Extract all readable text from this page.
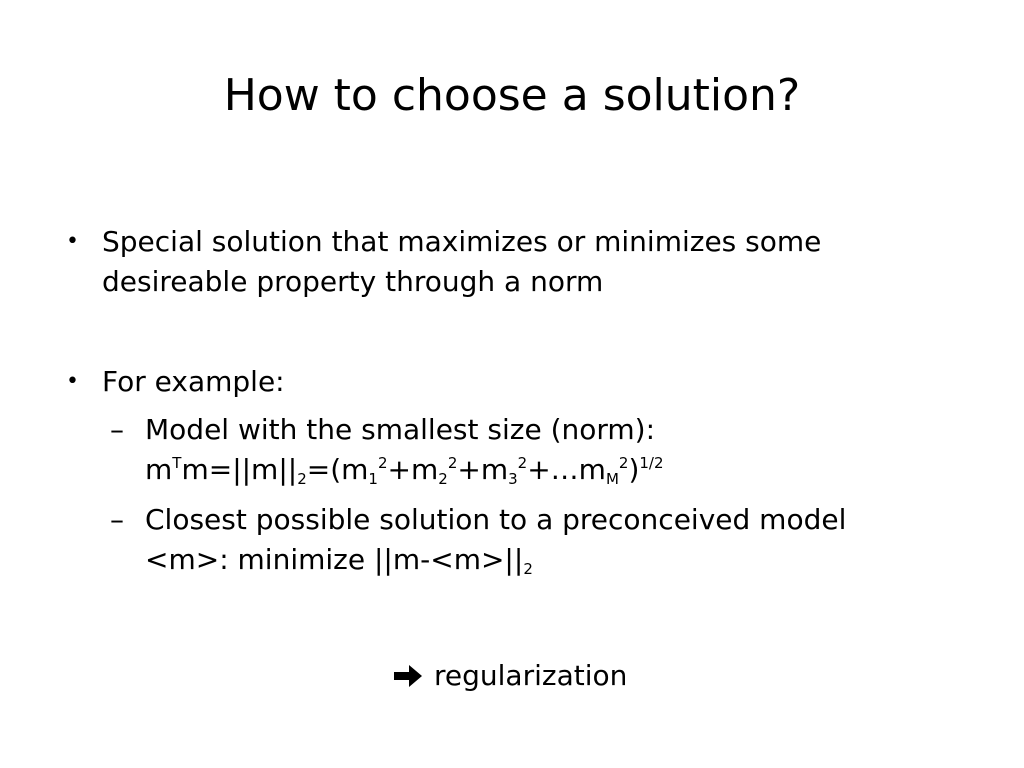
How to choose a solution?
• Special solution that maximizes or minimizes some
desireable property through a norm
• For example:
– Model with the smallest size (norm):
$m^Tm=||m||_2=(m_1^2+m_2^2+m_3^2+\dots m_M^2)^{1/2}$
– Closest possible solution to a preconceived model
<m>: minimize $||m-<m>||_2$
regularization
